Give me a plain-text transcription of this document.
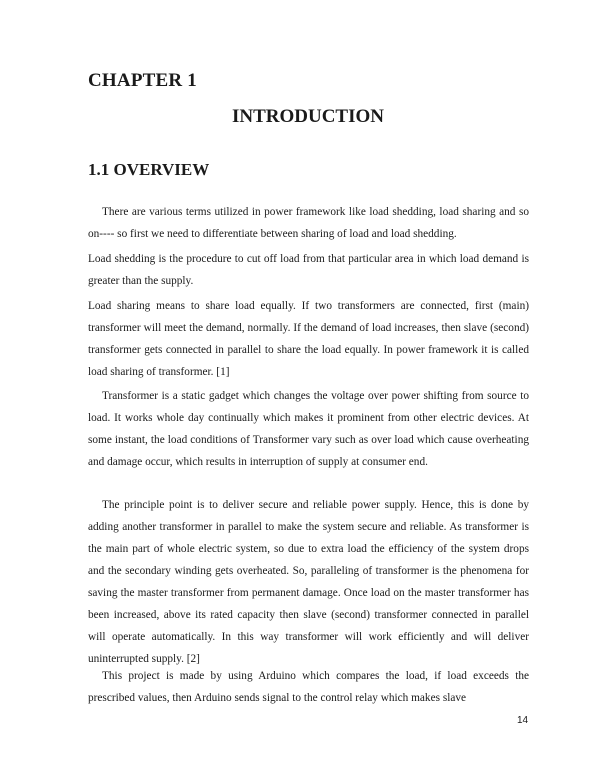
CHAPTER 1
INTRODUCTION
1.1 OVERVIEW

There are various terms utilized in power framework like load shedding, load sharing and so on---- so first we need to differentiate between sharing of load and load shedding.

Load shedding is the procedure to cut off load from that particular area in which load demand is greater than the supply.

Load sharing means to share load equally. If two transformers are connected, first (main) transformer will meet the demand, normally. If the demand of load increases, then slave (second) transformer gets connected in parallel to share the load equally. In power framework it is called load sharing of transformer. [1]

Transformer is a static gadget which changes the voltage over power shifting from source to load. It works whole day continually which makes it prominent from other electric devices. At some instant, the load conditions of Transformer vary such as over load which cause overheating and damage occur, which results in interruption of supply at consumer end.

The principle point is to deliver secure and reliable power supply. Hence, this is done by adding another transformer in parallel to make the system secure and reliable. As transformer is the main part of whole electric system, so due to extra load the efficiency of the system drops and the secondary winding gets overheated. So, paralleling of transformer is the phenomena for saving the master transformer from permanent damage. Once load on the master transformer has been increased, above its rated capacity then slave (second) transformer connected in parallel will operate automatically. In this way transformer will work efficiently and will deliver uninterrupted supply. [2]

This project is made by using Arduino which compares the load, if load exceeds the prescribed values, then Arduino sends signal to the control relay which makes slave

14
